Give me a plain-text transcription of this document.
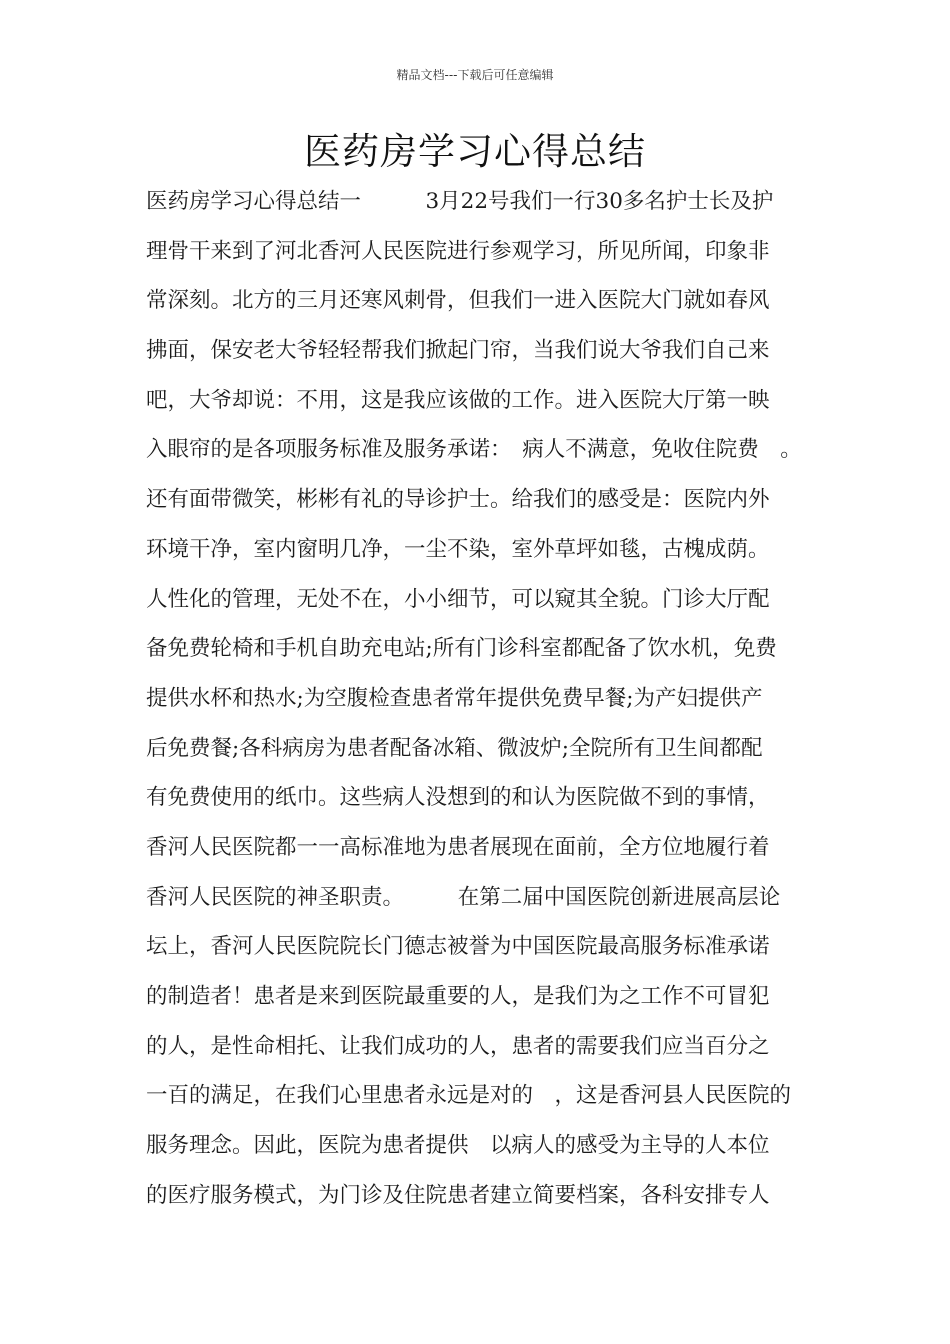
精品文档---下载后可任意编辑
医药房学习心得总结
医药房学习心得总结一　　　3月22号我们一行30多名护士长及护
理骨干来到了河北香河人民医院进行参观学习，所见所闻，印象非
常深刻。北方的三月还寒风刺骨，但我们一进入医院大门就如春风
拂面，保安老大爷轻轻帮我们掀起门帘，当我们说大爷我们自己来
吧，大爷却说：不用，这是我应该做的工作。进入医院大厅第一映
入眼帘的是各项服务标准及服务承诺：　病人不满意，免收住院费　。
还有面带微笑，彬彬有礼的导诊护士。给我们的感受是：医院内外
环境干净，室内窗明几净，一尘不染，室外草坪如毯，古槐成荫。
人性化的管理，无处不在，小小细节，可以窥其全貌。门诊大厅配
备免费轮椅和手机自助充电站;所有门诊科室都配备了饮水机，免费
提供水杯和热水;为空腹检查患者常年提供免费早餐;为产妇提供产
后免费餐;各科病房为患者配备冰箱、微波炉;全院所有卫生间都配
有免费使用的纸巾。这些病人没想到的和认为医院做不到的事情，
香河人民医院都一一高标准地为患者展现在面前，全方位地履行着
香河人民医院的神圣职责。　　　在第二届中国医院创新进展高层论
坛上，香河人民医院院长门德志被誉为中国医院最高服务标准承诺
的制造者！患者是来到医院最重要的人，是我们为之工作不可冒犯
的人，是性命相托、让我们成功的人，患者的需要我们应当百分之
一百的满足，在我们心里患者永远是对的　，这是香河县人民医院的
服务理念。因此，医院为患者提供　以病人的感受为主导的人本位
的医疗服务模式，为门诊及住院患者建立简要档案，各科安排专人
